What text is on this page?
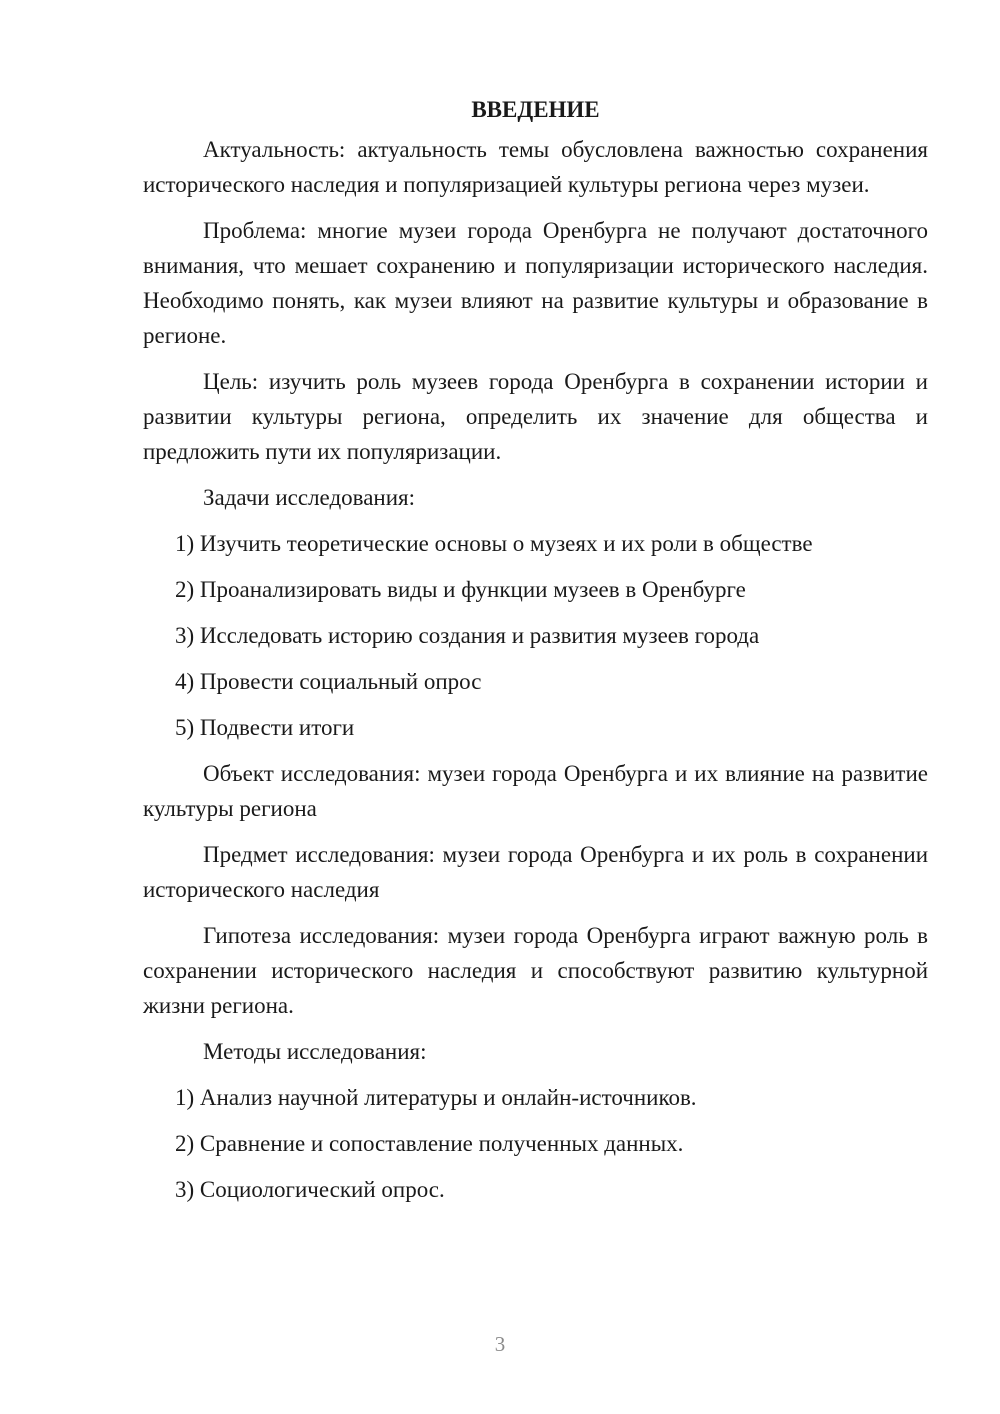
ВВЕДЕНИЕ

Актуальность: актуальность темы обусловлена важностью сохранения исторического наследия и популяризацией культуры региона через музеи.

Проблема: многие музеи города Оренбурга не получают достаточного внимания, что мешает сохранению и популяризации исторического наследия. Необходимо понять, как музеи влияют на развитие культуры и образование в регионе.

Цель: изучить роль музеев города Оренбурга в сохранении истории и развитии культуры региона, определить их значение для общества и предложить пути их популяризации.

Задачи исследования:

1) Изучить теоретические основы о музеях и их роли в обществе
2) Проанализировать виды и функции музеев в Оренбурге
3) Исследовать историю создания и развития музеев города
4) Провести социальный опрос
5) Подвести итоги

Объект исследования: музеи города Оренбурга и их влияние на развитие культуры региона

Предмет исследования: музеи города Оренбурга и их роль в сохранении исторического наследия

Гипотеза исследования: музеи города Оренбурга играют важную роль в сохранении исторического наследия и способствуют развитию культурной жизни региона.

Методы исследования:

1) Анализ научной литературы и онлайн-источников.
2) Сравнение и сопоставление полученных данных.
3) Социологический опрос.
3
